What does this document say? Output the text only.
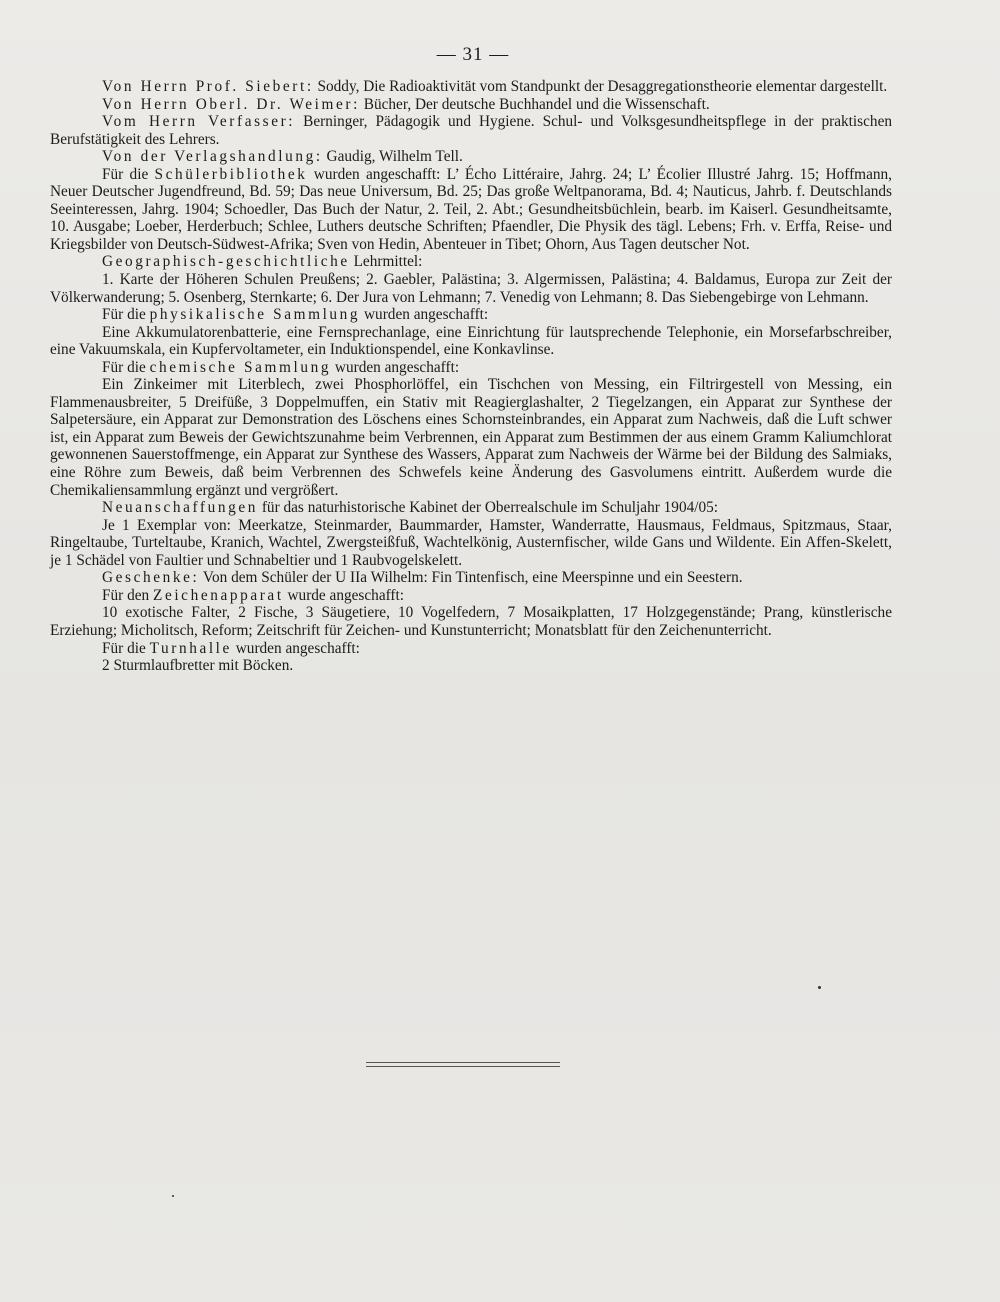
— 31 —

Von Herrn Prof. Siebert: Soddy, Die Radioaktivität vom Standpunkt der Desaggregationstheorie elementar dargestellt.

Von Herrn Oberl. Dr. Weimer: Bücher, Der deutsche Buchhandel und die Wissenschaft.

Vom Herrn Verfasser: Berninger, Pädagogik und Hygiene. Schul- und Volksgesundheitspflege in der praktischen Berufstätigkeit des Lehrers.

Von der Verlagshandlung: Gaudig, Wilhelm Tell.

Für die Schülerbibliothek wurden angeschafft: L’ Écho Littéraire, Jahrg. 24; L’ Écolier Illustré Jahrg. 15; Hoffmann, Neuer Deutscher Jugendfreund, Bd. 59; Das neue Universum, Bd. 25; Das große Weltpanorama, Bd. 4; Nauticus, Jahrb. f. Deutschlands Seeinteressen, Jahrg. 1904; Schoedler, Das Buch der Natur, 2. Teil, 2. Abt.; Gesundheitsbüchlein, bearb. im Kaiserl. Gesundheitsamte, 10. Ausgabe; Loeber, Herderbuch; Schlee, Luthers deutsche Schriften; Pfaendler, Die Physik des tägl. Lebens; Frh. v. Erffa, Reise- und Kriegsbilder von Deutsch-Südwest-Afrika; Sven von Hedin, Abenteuer in Tibet; Ohorn, Aus Tagen deutscher Not.

Geographisch-geschichtliche Lehrmittel:

1. Karte der Höheren Schulen Preußens; 2. Gaebler, Palästina; 3. Algermissen, Palästina; 4. Baldamus, Europa zur Zeit der Völkerwanderung; 5. Osenberg, Sternkarte; 6. Der Jura von Lehmann; 7. Venedig von Lehmann; 8. Das Siebengebirge von Lehmann.

Für die physikalische Sammlung wurden angeschafft:

Eine Akkumulatorenbatterie, eine Fernsprechanlage, eine Einrichtung für lautsprechende Telephonie, ein Morsefarbschreiber, eine Vakuumskala, ein Kupfervoltameter, ein Induktionspendel, eine Konkavlinse.

Für die chemische Sammlung wurden angeschafft:

Ein Zinkeimer mit Literblech, zwei Phosphorlöffel, ein Tischchen von Messing, ein Filtrirgestell von Messing, ein Flammenausbreiter, 5 Dreifüße, 3 Doppelmuffen, ein Stativ mit Reagierglashalter, 2 Tiegelzangen, ein Apparat zur Synthese der Salpetersäure, ein Apparat zur Demonstration des Löschens eines Schornsteinbrandes, ein Apparat zum Nachweis, daß die Luft schwer ist, ein Apparat zum Beweis der Gewichtszunahme beim Verbrennen, ein Apparat zum Bestimmen der aus einem Gramm Kaliumchlorat gewonnenen Sauerstoffmenge, ein Apparat zur Synthese des Wassers, Apparat zum Nachweis der Wärme bei der Bildung des Salmiaks, eine Röhre zum Beweis, daß beim Verbrennen des Schwefels keine Änderung des Gasvolumens eintritt. Außerdem wurde die Chemikaliensammlung ergänzt und vergrößert.

Neuanschaffungen für das naturhistorische Kabinet der Oberrealschule im Schuljahr 1904/05:

Je 1 Exemplar von: Meerkatze, Steinmarder, Baummarder, Hamster, Wanderratte, Hausmaus, Feldmaus, Spitzmaus, Staar, Ringeltaube, Turteltaube, Kranich, Wachtel, Zwergsteißfuß, Wachtelkönig, Austernfischer, wilde Gans und Wildente. Ein Affen-Skelett, je 1 Schädel von Faultier und Schnabeltier und 1 Raubvogelskelett.

Geschenke: Von dem Schüler der U IIa Wilhelm: Fin Tintenfisch, eine Meerspinne und ein Seestern.

Für den Zeichenapparat wurde angeschafft:

10 exotische Falter, 2 Fische, 3 Säugetiere, 10 Vogelfedern, 7 Mosaikplatten, 17 Holzgegenstände; Prang, künstlerische Erziehung; Micholitsch, Reform; Zeitschrift für Zeichen- und Kunstunterricht; Monatsblatt für den Zeichenunterricht.

Für die Turnhalle wurden angeschafft:

2 Sturmlaufbretter mit Böcken.
